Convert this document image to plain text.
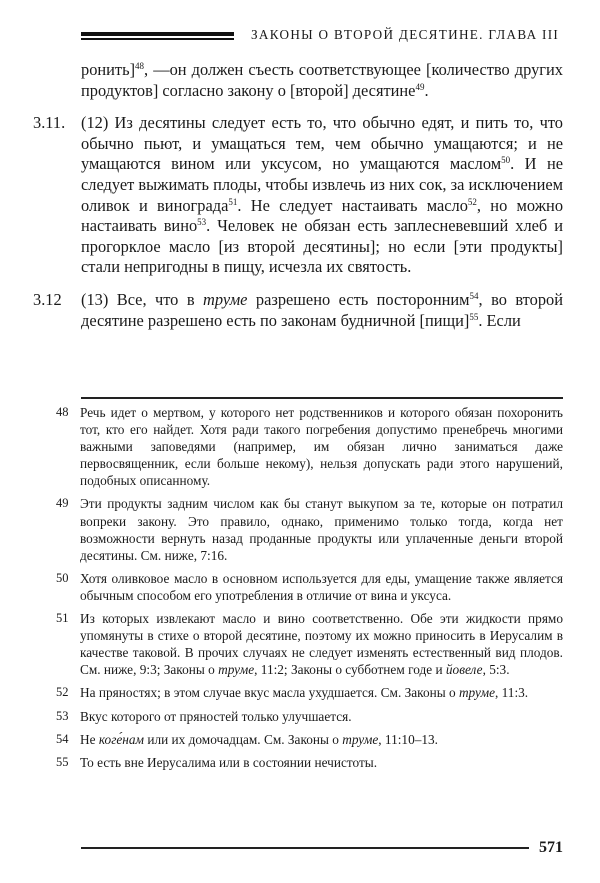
ЗАКОНЫ О ВТОРОЙ ДЕСЯТИНЕ. ГЛАВА III

ронить]$^{48}$, —он должен съесть соответствующее [количество других продуктов] согласно закону о [второй] десятине$^{49}$.

3.11. (12) Из десятины следует есть то, что обычно едят, и пить то, что обычно пьют, и умащаться тем, чем обычно умащаются; и не умащаются вином или уксусом, но умащаются маслом$^{50}$. И не следует выжимать плоды, чтобы извлечь из них сок, за исключением оливок и винограда$^{51}$. Не следует настаивать масло$^{52}$, но можно настаивать вино$^{53}$. Человек не обязан есть заплесневевший хлеб и прогорклое масло [из второй десятины]; но если [эти продукты] стали непригодны в пищу, исчезла их святость.

3.12 (13) Все, что в труме разрешено есть посторонним$^{54}$, во второй десятине разрешено есть по законам будничной [пищи]$^{55}$. Если

48 Речь идет о мертвом, у которого нет родственников и которого обязан похоронить тот, кто его найдет. Хотя ради такого погребения допустимо пренебречь многими важными заповедями (например, им обязан лично заниматься даже первосвященник, если больше некому), нельзя допускать ради этого нарушений, подобных описанному.
49 Эти продукты задним числом как бы станут выкупом за те, которые он потратил вопреки закону. Это правило, однако, применимо только тогда, когда нет возможности вернуть назад проданные продукты или уплаченные деньги второй десятины. См. ниже, 7:16.
50 Хотя оливковое масло в основном используется для еды, умащение также является обычным способом его употребления в отличие от вина и уксуса.
51 Из которых извлекают масло и вино соответственно. Обе эти жидкости прямо упомянуты в стихе о второй десятине, поэтому их можно приносить в Иерусалим в качестве таковой. В прочих случаях не следует изменять естественный вид плодов. См. ниже, 9:3; Законы о труме, 11:2; Законы о субботнем годе и йовеле, 5:3.
52 На пряностях; в этом случае вкус масла ухудшается. См. Законы о труме, 11:3.
53 Вкус которого от пряностей только улучшается.
54 Не коге́нам или их домочадцам. См. Законы о труме, 11:10–13.
55 То есть вне Иерусалима или в состоянии нечистоты.
571
